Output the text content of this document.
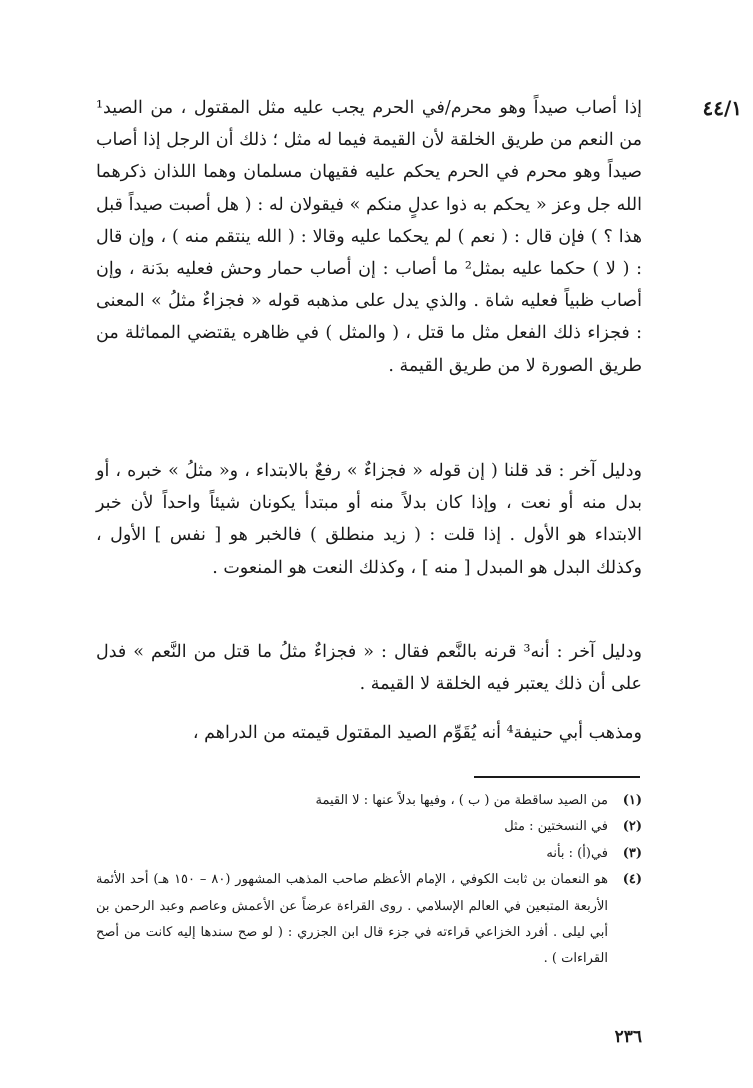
٤٤/١

إذا أصاب صيداً وهو محرم/في الحرم يجب عليه مثل المقتول ، من الصيد¹ من النعم من طريق الخلقة لأن القيمة فيما له مثل ؛ ذلك أن الرجل إذا أصاب صيداً وهو محرم في الحرم يحكم عليه فقيهان مسلمان وهما اللذان ذكرهما الله جل وعز « يحكم به ذوا عدلٍ منكم » فيقولان له : ( هل أصبت صيداً قبل هذا ؟ ) فإن قال : ( نعم ) لم يحكما عليه وقالا : ( الله ينتقم منه ) ، وإن قال : ( لا ) حكما عليه بمثل² ما أصاب : إن أصاب حمار وحش فعليه بدَنة ، وإن أصاب ظبياً فعليه شاة . والذي يدل على مذهبه قوله « فجزاءٌ مثلُ » المعنى : فجزاء ذلك الفعل مثل ما قتل ، ( والمثل ) في ظاهره يقتضي المماثلة من طريق الصورة لا من طريق القيمة .

ودليل آخر : قد قلنا ( إن قوله « فجزاءٌ » رفعٌ بالابتداء ، و« مثلُ » خبره ، أو بدل منه أو نعت ، وإذا كان بدلاً منه أو مبتدأ يكونان شيئاً واحداً لأن خبر الابتداء هو الأول . إذا قلت : ( زيد منطلق ) فالخبر هو [ نفس ] الأول ، وكذلك البدل هو المبدل [ منه ] ، وكذلك النعت هو المنعوت .

ودليل آخر : أنه³ قرنه بالنَّعم فقال : « فجزاءٌ مثلُ ما قتل من النَّعم » فدل على أن ذلك يعتبر فيه الخلقة لا القيمة .

ومذهب أبي حنيفة⁴ أنه يُقَوِّم الصيد المقتول قيمته من الدراهم ،

(١)
من الصيد ساقطة من ( ب ) ، وفيها بدلاً عنها : لا القيمة
(٢)
في النسختين : مثل
(٣)
في(أ) : بأنه
(٤)
هو النعمان بن ثابت الكوفي ، الإمام الأعظم صاحب المذهب المشهور (٨٠ – ١٥٠ هـ) أحد الأئمة الأربعة المتبعين في العالم الإسلامي . روى القراءة عرضاً عن الأعمش وعاصم وعبد الرحمن بن أبي ليلى . أفرد الخزاعي قراءته في جزء قال ابن الجزري : ( لو صح سندها إليه كانت من أصح القراءات ) .
٢٣٦
